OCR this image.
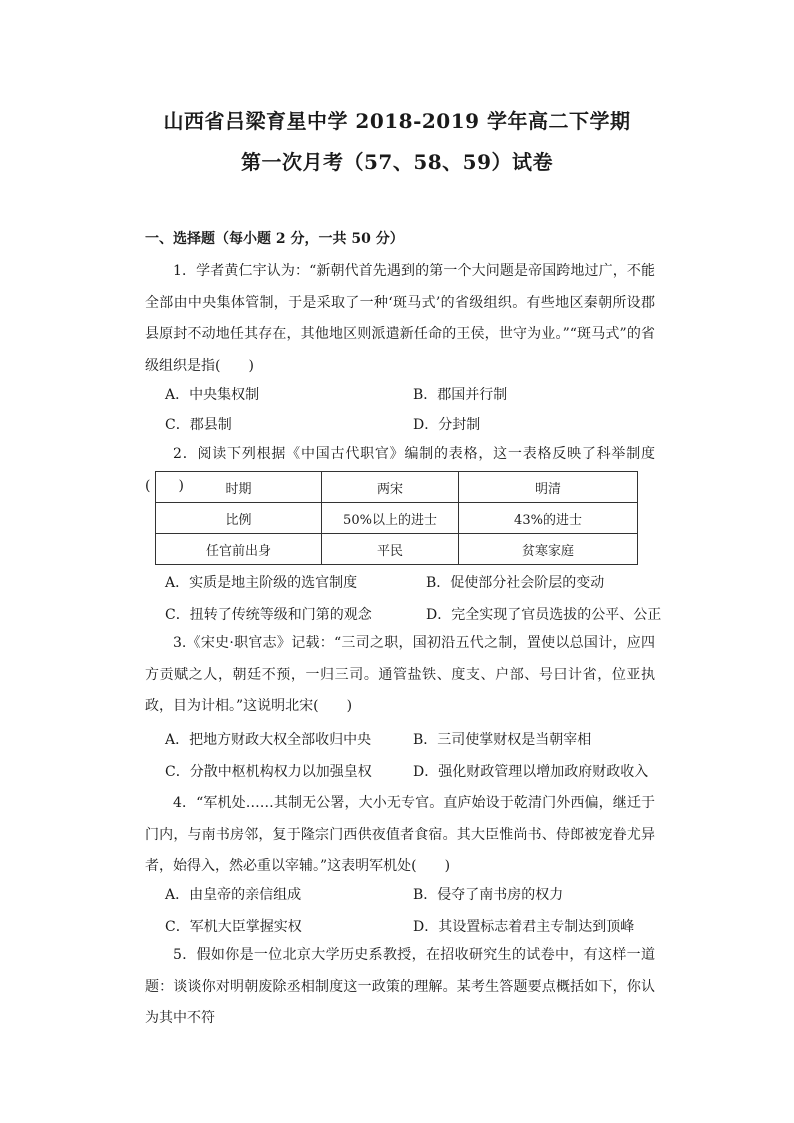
山西省吕梁育星中学 2018-2019 学年高二下学期
第一次月考（57、58、59）试卷
一、选择题（每小题 2 分，一共 50 分）

1．学者黄仁宇认为：“新朝代首先遇到的第一个大问题是帝国跨地过广，不能全部由中央集体管制，于是采取了一种‘斑马式’的省级组织。有些地区秦朝所设郡县原封不动地任其存在，其他地区则派遣新任命的王侯，世守为业。”“斑马式”的省级组织是指(　　)

A．中央集权制	B．郡国并行制
C．郡县制	D．分封制

2．阅读下列根据《中国古代职官》编制的表格，这一表格反映了科举制度(　　)	时期	两宋	明清
比例	50%以上的进士	43%的进士
任官前出身	平民	贫寒家庭
A．实质是地主阶级的选官制度	B．促使部分社会阶层的变动
C．扭转了传统等级和门第的观念	D．完全实现了官员选拔的公平、公正

3.《宋史·职官志》记载：“三司之职，国初沿五代之制，置使以总国计，应四方贡赋之人，朝廷不预，一归三司。通管盐铁、度支、户部、号曰计省，位亚执政，目为计相。”这说明北宋(　　)

A．把地方财政大权全部收归中央	B．三司使掌财权是当朝宰相
C．分散中枢机构权力以加强皇权	D．强化财政管理以增加政府财政收入

4．“军机处……其制无公署，大小无专官。直庐始设于乾清门外西偏，继迁于门内，与南书房邻，复于隆宗门西供夜值者食宿。其大臣惟尚书、侍郎被宠眷尤异者，始得入，然必重以宰辅。”这表明军机处(　　)

A．由皇帝的亲信组成	B．侵夺了南书房的权力
C．军机大臣掌握实权	D．其设置标志着君主专制达到顶峰

5．假如你是一位北京大学历史系教授，在招收研究生的试卷中，有这样一道题：谈谈你对明朝废除丞相制度这一政策的理解。某考生答题要点概括如下，你认为其中不符
